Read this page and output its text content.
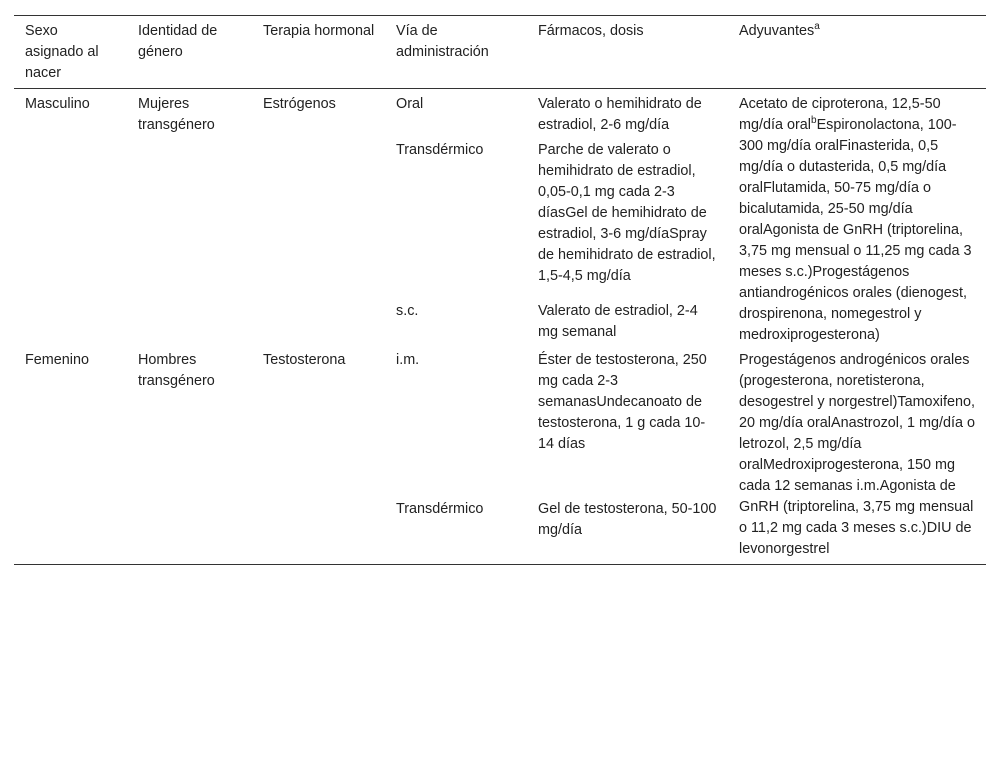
Sexo asignado al nacer	Identidad de género	Terapia hormonal	Vía de administración	Fármacos, dosis	Adyuvantes$^a$
Masculino	Mujeres transgénero	Estrógenos	Oral	Valerato o hemihidrato de estradiol, 2-6 mg/día	Acetato de ciproterona, 12,5-50 mg/día oral$^b$Espironolactona, 100-300 mg/día oralFinasterida, 0,5 mg/día o dutasterida, 0,5 mg/día oralFlutamida, 50-75 mg/día o bicalutamida, 25-50 mg/día oralAgonista de GnRH (triptorelina, 3,75 mg mensual o 11,25 mg cada 3 meses s.c.)Progestágenos antiandrogénicos orales (dienogest, drospirenona, nomegestrol y medroxiprogesterona)
			Transdérmico	Parche de valerato o hemihidrato de estradiol, 0,05-0,1 mg cada 2-3 díasGel de hemihidrato de estradiol, 3-6 mg/díaSpray de hemihidrato de estradiol, 1,5-4,5 mg/día	
			s.c.	Valerato de estradiol, 2-4 mg semanal	
Femenino	Hombres transgénero	Testosterona	i.m.	Éster de testosterona, 250 mg cada 2-3 semanasUndecanoato de testosterona, 1 g cada 10-14 días	Progestágenos androgénicos orales (progesterona, noretisterona, desogestrel y norgestrel)Tamoxifeno, 20 mg/día oralAnastrozol, 1 mg/día o letrozol, 2,5 mg/día oralMedroxiprogesterona, 150 mg cada 12 semanas i.m.Agonista de GnRH (triptorelina, 3,75 mg mensual o 11,2 mg cada 3 meses s.c.)DIU de levonorgestrel
			Transdérmico	Gel de testosterona, 50-100 mg/día	
